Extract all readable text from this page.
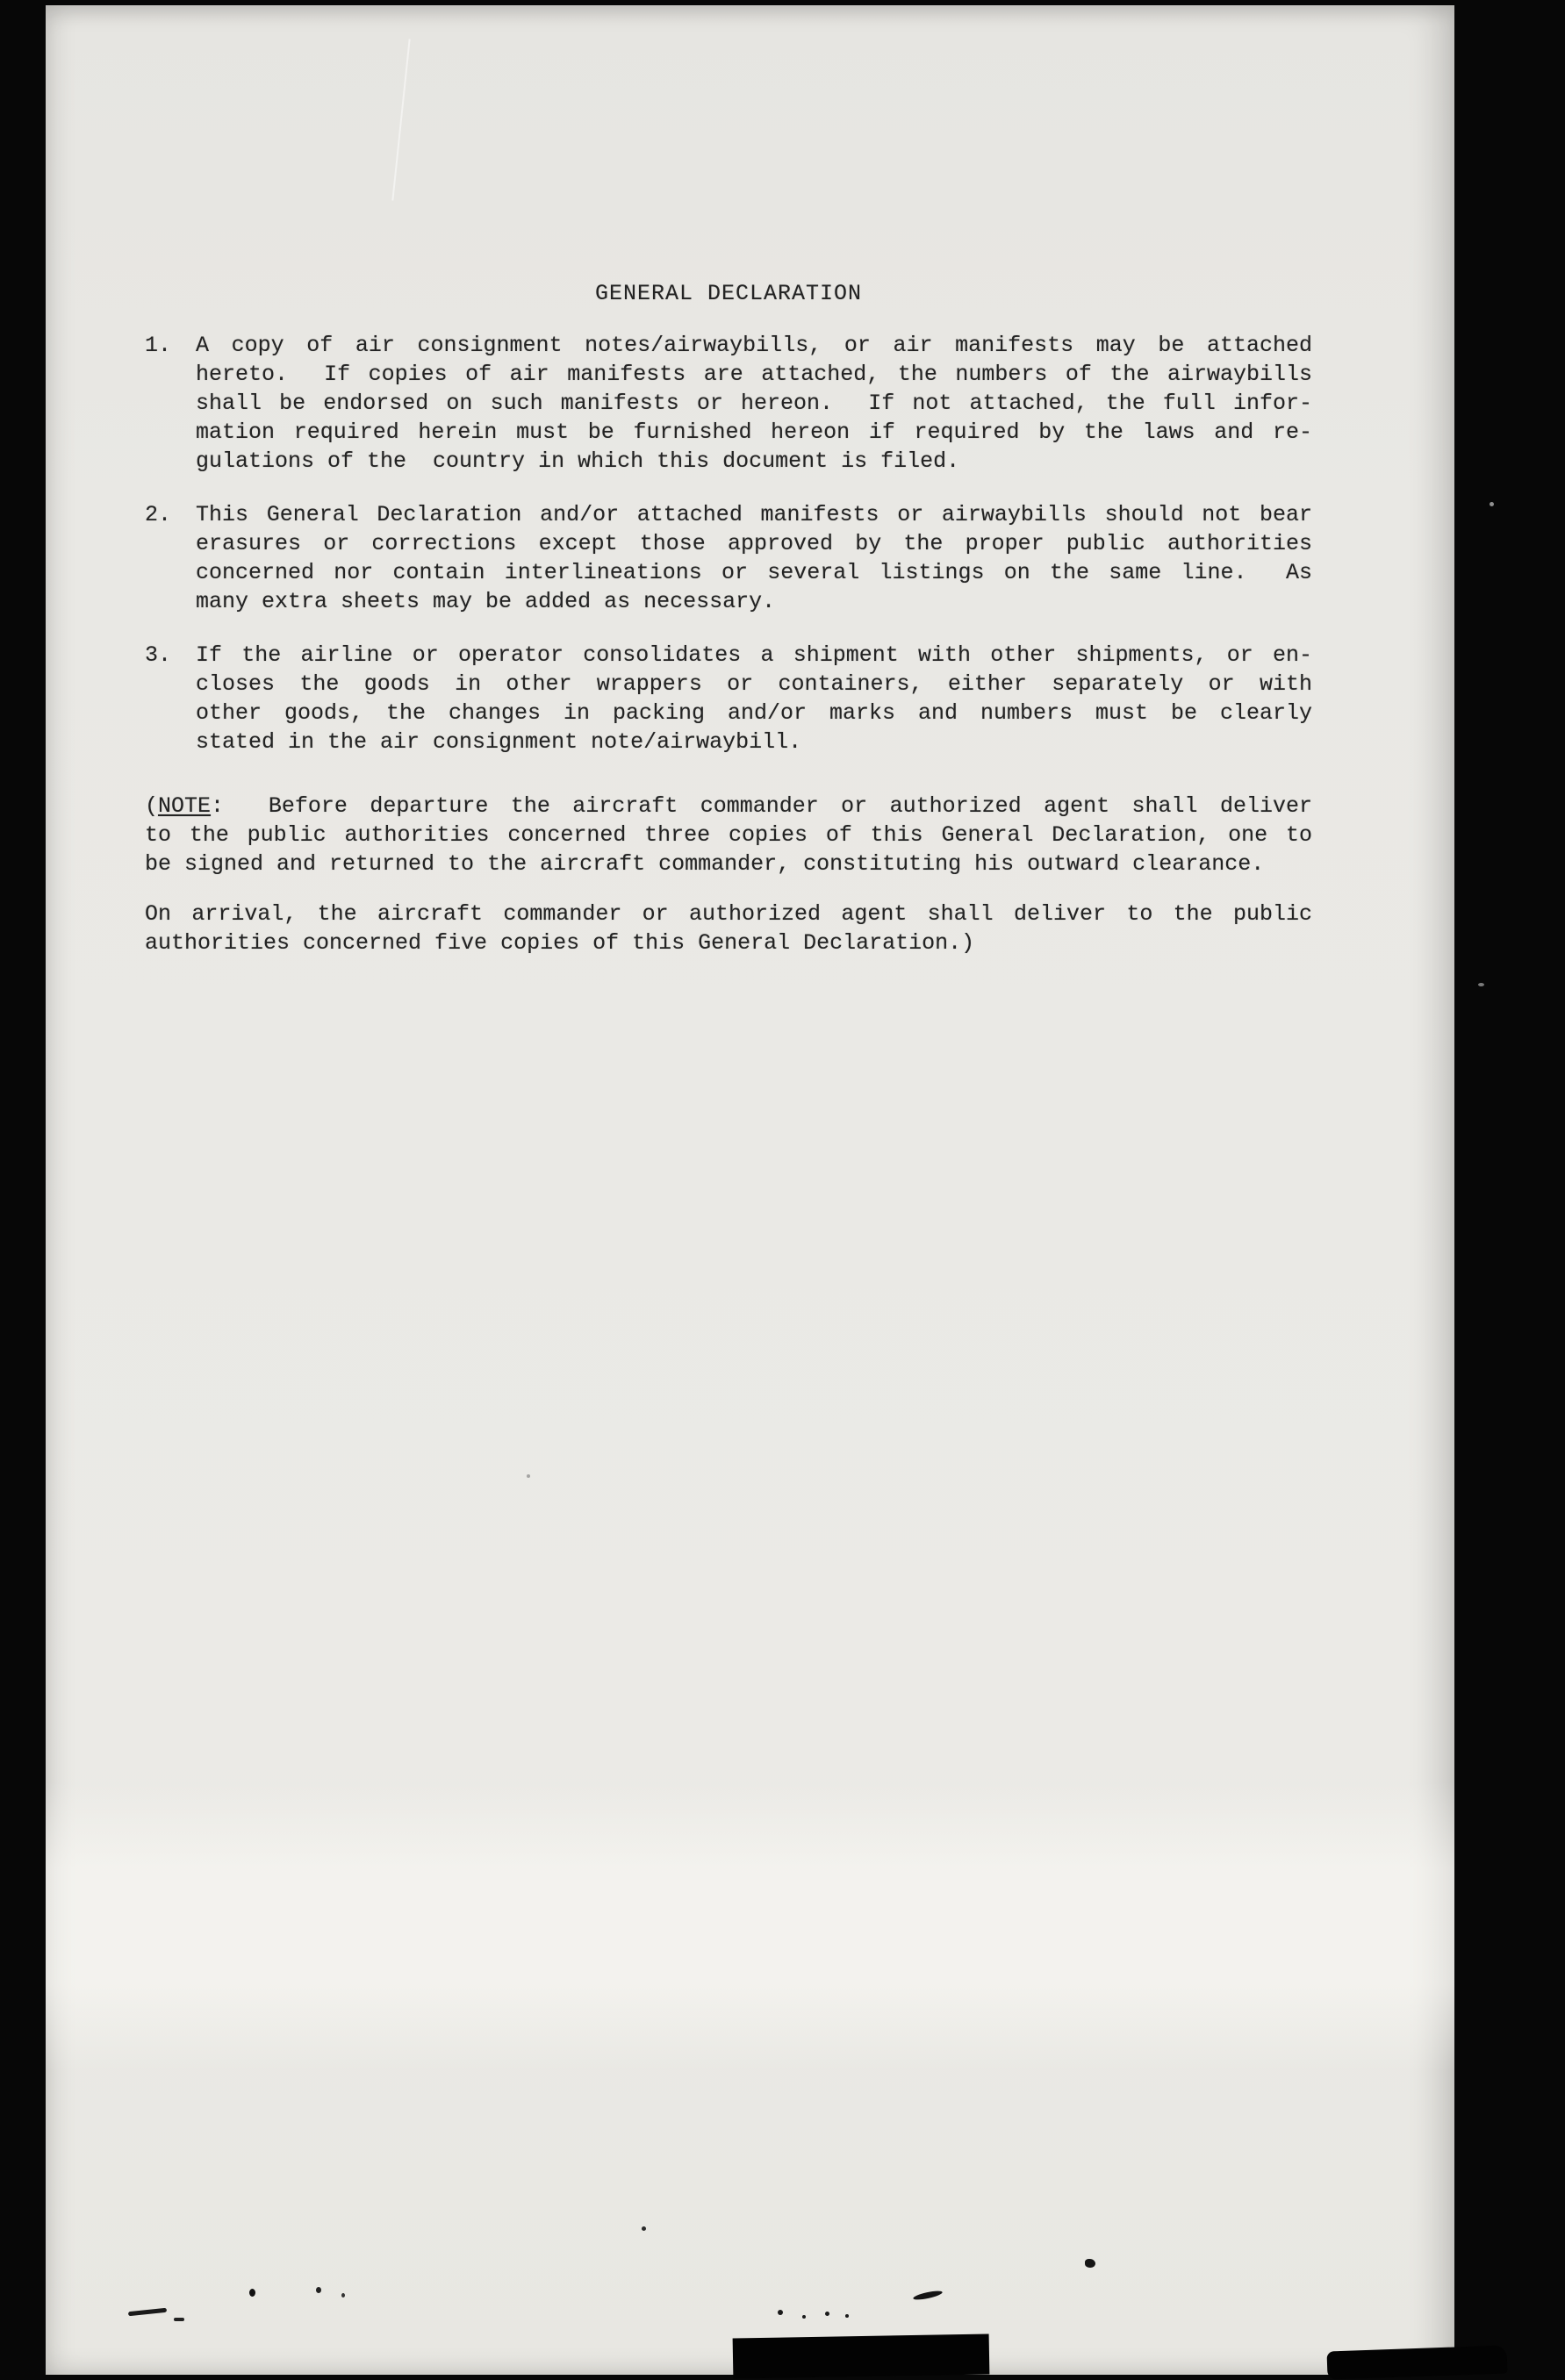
GENERAL DECLARATION
1.	A copy of air consignment notes/airwaybills, or air manifests may be attached
hereto.  If copies of air manifests are attached, the numbers of the airwaybills
shall be endorsed on such manifests or hereon.  If not attached, the full infor-
mation required herein must be furnished hereon if required by the laws and re-
gulations of the  country in which this document is filed.
2.	This General Declaration and/or attached manifests or airwaybills should not bear
erasures or corrections except those approved by the proper public authorities
concerned nor contain interlineations or several listings on the same line.  As
many extra sheets may be added as necessary.
3.	If the airline or operator consolidates a shipment with other shipments, or en-
closes the goods in other wrappers or containers, either separately or with
other goods, the changes in packing and/or marks and numbers must be clearly
stated in the air consignment note/airwaybill.
(NOTE:  Before departure the aircraft commander or authorized agent shall deliver
to the public authorities concerned three copies of this General Declaration, one to
be signed and returned to the aircraft commander, constituting his outward clearance.
On arrival, the aircraft commander or authorized agent shall deliver to the public
authorities concerned five copies of this General Declaration.)
